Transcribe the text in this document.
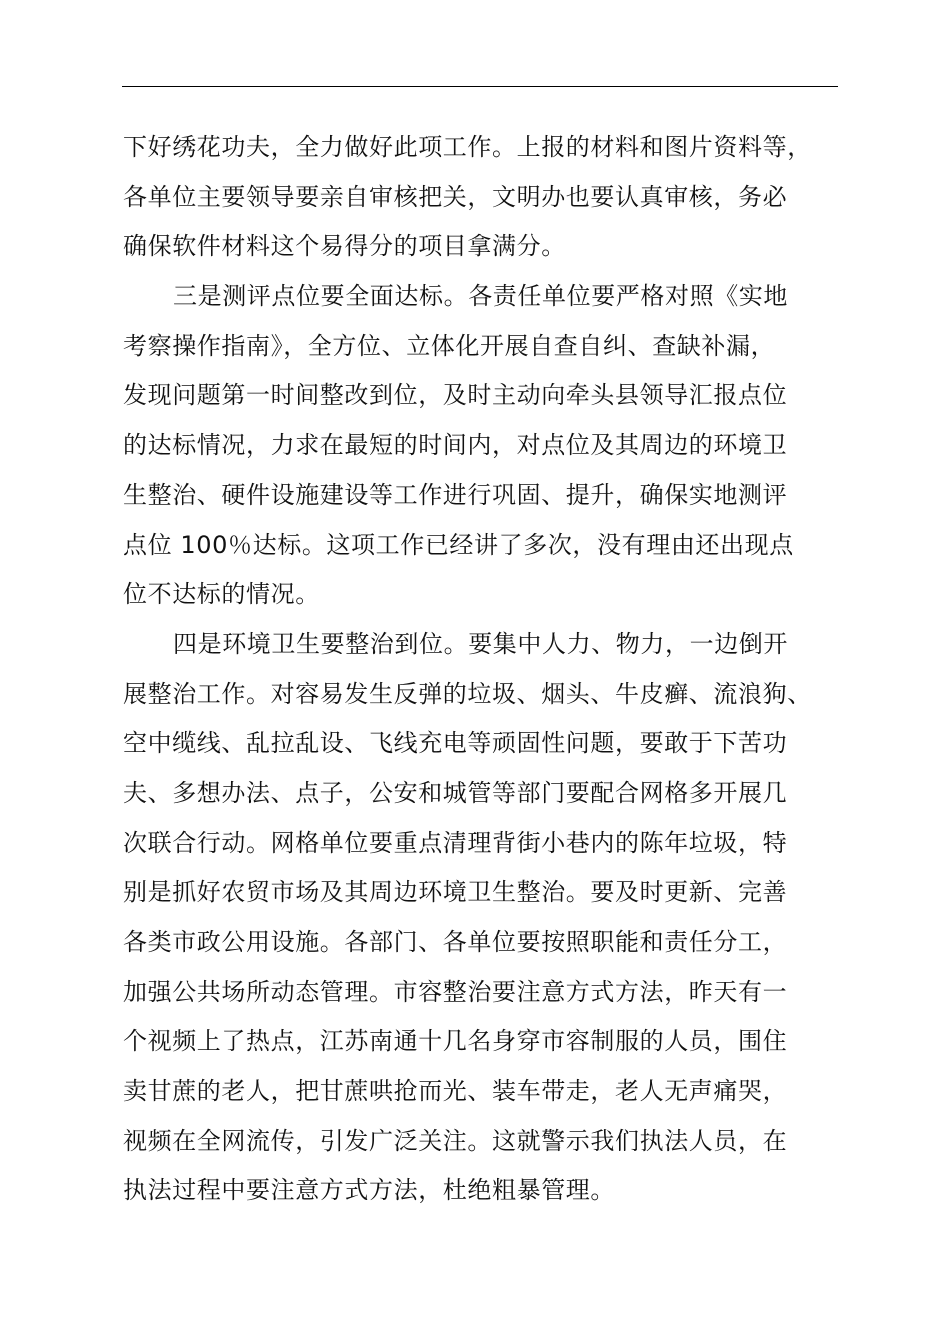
下好绣花功夫，全力做好此项工作。上报的材料和图片资料等，
各单位主要领导要亲自审核把关，文明办也要认真审核，务必
确保软件材料这个易得分的项目拿满分。
三是测评点位要全面达标。各责任单位要严格对照《实地
考察操作指南》，全方位、立体化开展自查自纠、查缺补漏，
发现问题第一时间整改到位，及时主动向牵头县领导汇报点位
的达标情况，力求在最短的时间内，对点位及其周边的环境卫
生整治、硬件设施建设等工作进行巩固、提升，确保实地测评
点位 100％达标。这项工作已经讲了多次，没有理由还出现点
位不达标的情况。
四是环境卫生要整治到位。要集中人力、物力，一边倒开
展整治工作。对容易发生反弹的垃圾、烟头、牛皮癣、流浪狗、
空中缆线、乱拉乱设、飞线充电等顽固性问题，要敢于下苦功
夫、多想办法、点子，公安和城管等部门要配合网格多开展几
次联合行动。网格单位要重点清理背街小巷内的陈年垃圾，特
别是抓好农贸市场及其周边环境卫生整治。要及时更新、完善
各类市政公用设施。各部门、各单位要按照职能和责任分工，
加强公共场所动态管理。市容整治要注意方式方法，昨天有一
个视频上了热点，江苏南通十几名身穿市容制服的人员，围住
卖甘蔗的老人，把甘蔗哄抢而光、装车带走，老人无声痛哭，
视频在全网流传，引发广泛关注。这就警示我们执法人员，在
执法过程中要注意方式方法，杜绝粗暴管理。
